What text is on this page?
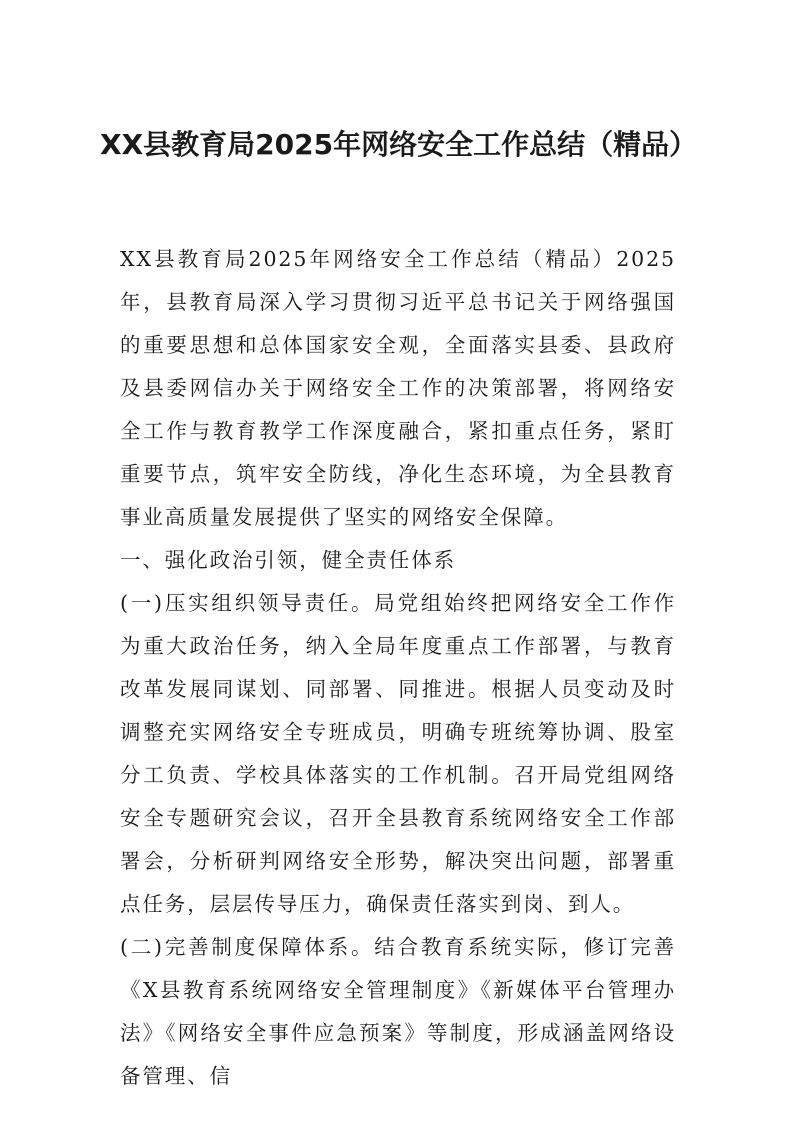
XX县教育局2025年网络安全工作总结（精品）

XX县教育局2025年网络安全工作总结（精品）2025年，县教育局深入学习贯彻习近平总书记关于网络强国的重要思想和总体国家安全观，全面落实县委、县政府及县委网信办关于网络安全工作的决策部署，将网络安全工作与教育教学工作深度融合，紧扣重点任务，紧盯重要节点，筑牢安全防线，净化生态环境，为全县教育事业高质量发展提供了坚实的网络安全保障。

一、强化政治引领，健全责任体系

(一)压实组织领导责任。局党组始终把网络安全工作作为重大政治任务，纳入全局年度重点工作部署，与教育改革发展同谋划、同部署、同推进。根据人员变动及时调整充实网络安全专班成员，明确专班统筹协调、股室分工负责、学校具体落实的工作机制。召开局党组网络安全专题研究会议，召开全县教育系统网络安全工作部署会，分析研判网络安全形势，解决突出问题，部署重点任务，层层传导压力，确保责任落实到岗、到人。

(二)完善制度保障体系。结合教育系统实际，修订完善《X县教育系统网络安全管理制度》《新媒体平台管理办法》《网络安全事件应急预案》等制度，形成涵盖网络设备管理、信
